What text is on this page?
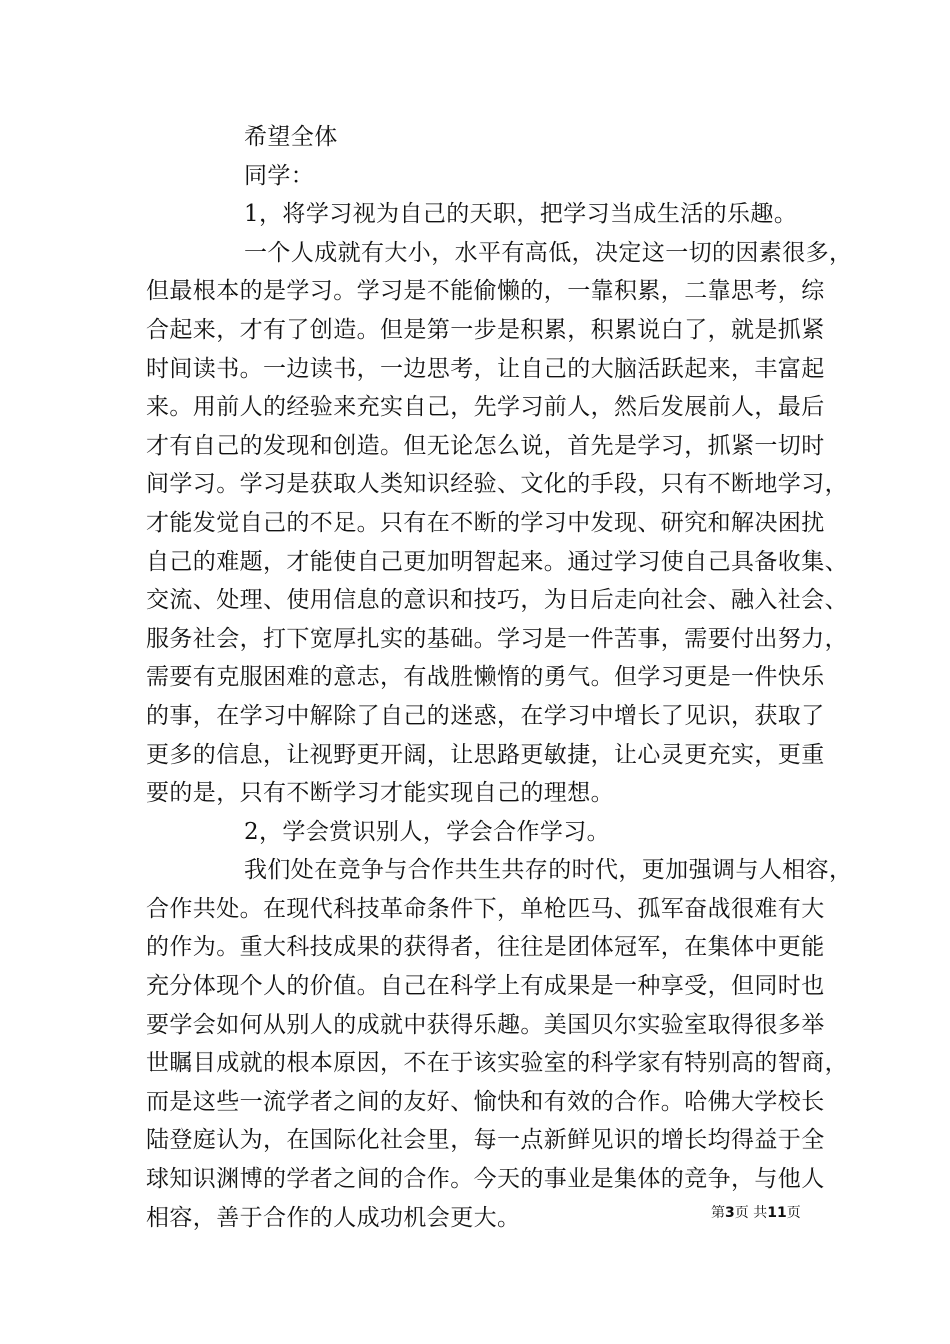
希望全体
同学：
1，将学习视为自己的天职，把学习当成生活的乐趣。
一个人成就有大小，水平有高低，决定这一切的因素很多，
但最根本的是学习。学习是不能偷懒的，一靠积累，二靠思考，综
合起来，才有了创造。但是第一步是积累，积累说白了，就是抓紧
时间读书。一边读书，一边思考，让自己的大脑活跃起来，丰富起
来。用前人的经验来充实自己，先学习前人，然后发展前人，最后
才有自己的发现和创造。但无论怎么说，首先是学习，抓紧一切时
间学习。学习是获取人类知识经验、文化的手段，只有不断地学习，
才能发觉自己的不足。只有在不断的学习中发现、研究和解决困扰
自己的难题，才能使自己更加明智起来。通过学习使自己具备收集、
交流、处理、使用信息的意识和技巧，为日后走向社会、融入社会、
服务社会，打下宽厚扎实的基础。学习是一件苦事，需要付出努力，
需要有克服困难的意志，有战胜懒惰的勇气。但学习更是一件快乐
的事，在学习中解除了自己的迷惑，在学习中增长了见识，获取了
更多的信息，让视野更开阔，让思路更敏捷，让心灵更充实，更重
要的是，只有不断学习才能实现自己的理想。
2，学会赏识别人，学会合作学习。
我们处在竞争与合作共生共存的时代，更加强调与人相容，
合作共处。在现代科技革命条件下，单枪匹马、孤军奋战很难有大
的作为。重大科技成果的获得者，往往是团体冠军，在集体中更能
充分体现个人的价值。自己在科学上有成果是一种享受，但同时也
要学会如何从别人的成就中获得乐趣。美国贝尔实验室取得很多举
世瞩目成就的根本原因，不在于该实验室的科学家有特别高的智商，
而是这些一流学者之间的友好、愉快和有效的合作。哈佛大学校长
陆登庭认为，在国际化社会里，每一点新鲜见识的增长均得益于全
球知识渊博的学者之间的合作。今天的事业是集体的竞争，与他人
相容，善于合作的人成功机会更大。	第3页 共11页
